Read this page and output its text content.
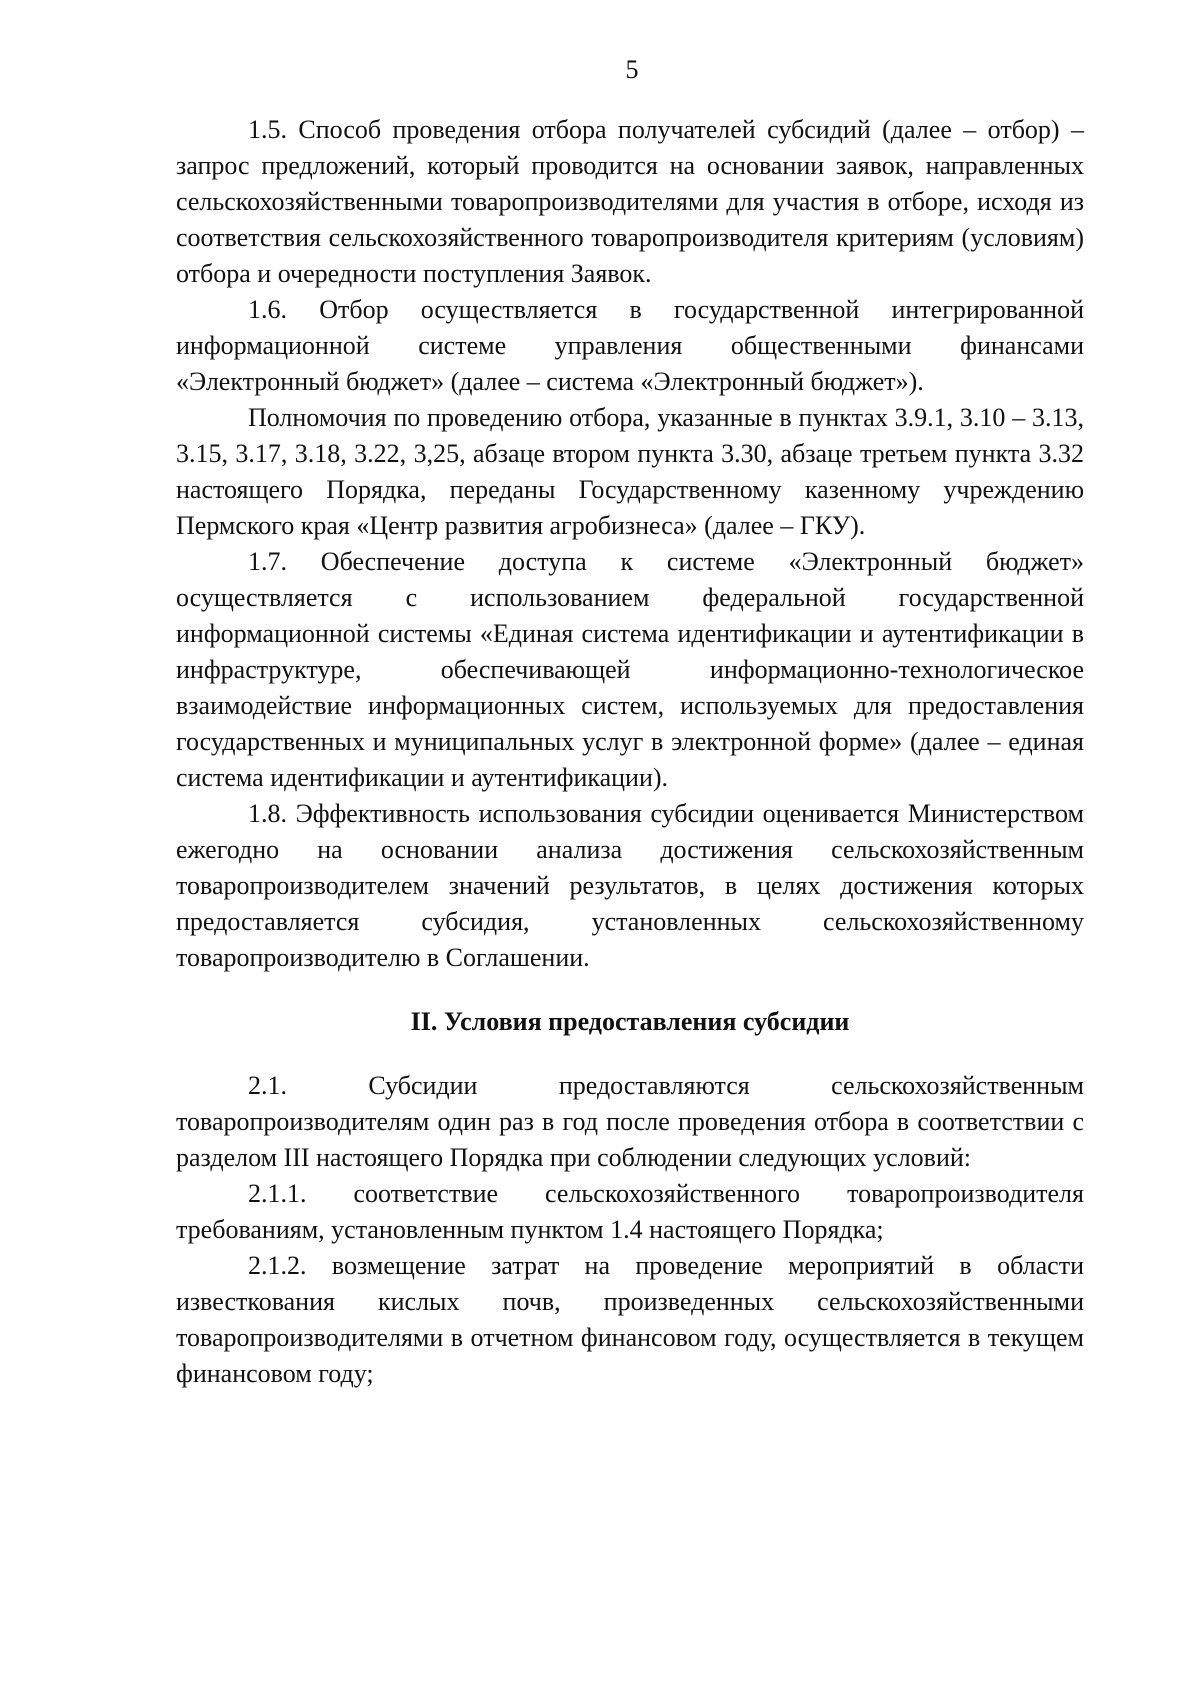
5

1.5. Способ проведения отбора получателей субсидий (далее – отбор) – запрос предложений, который проводится на основании заявок, направленных сельскохозяйственными товаропроизводителями для участия в отборе, исходя из соответствия сельскохозяйственного товаропроизводителя критериям (условиям) отбора и очередности поступления Заявок.

1.6. Отбор осуществляется в государственной интегрированной информационной системе управления общественными финансами «Электронный бюджет» (далее – система «Электронный бюджет»).

Полномочия по проведению отбора, указанные в пунктах 3.9.1, 3.10 – 3.13, 3.15, 3.17, 3.18, 3.22, 3,25, абзаце втором пункта 3.30, абзаце третьем пункта 3.32 настоящего Порядка, переданы Государственному казенному учреждению Пермского края «Центр развития агробизнеса» (далее – ГКУ).

1.7. Обеспечение доступа к системе «Электронный бюджет» осуществляется с использованием федеральной государственной информационной системы «Единая система идентификации и аутентификации в инфраструктуре, обеспечивающей информационно-технологическое взаимодействие информационных систем, используемых для предоставления государственных и муниципальных услуг в электронной форме» (далее – единая система идентификации и аутентификации).

1.8. Эффективность использования субсидии оценивается Министерством ежегодно на основании анализа достижения сельскохозяйственным товаропроизводителем значений результатов, в целях достижения которых предоставляется субсидия, установленных сельскохозяйственному товаропроизводителю в Соглашении.

II. Условия предоставления субсидии

2.1. Субсидии предоставляются сельскохозяйственным товаропроизводителям один раз в год после проведения отбора в соответствии с разделом III настоящего Порядка при соблюдении следующих условий:

2.1.1. соответствие сельскохозяйственного товаропроизводителя требованиям, установленным пунктом 1.4 настоящего Порядка;

2.1.2. возмещение затрат на проведение мероприятий в области известкования кислых почв, произведенных сельскохозяйственными товаропроизводителями в отчетном финансовом году, осуществляется в текущем финансовом году;
